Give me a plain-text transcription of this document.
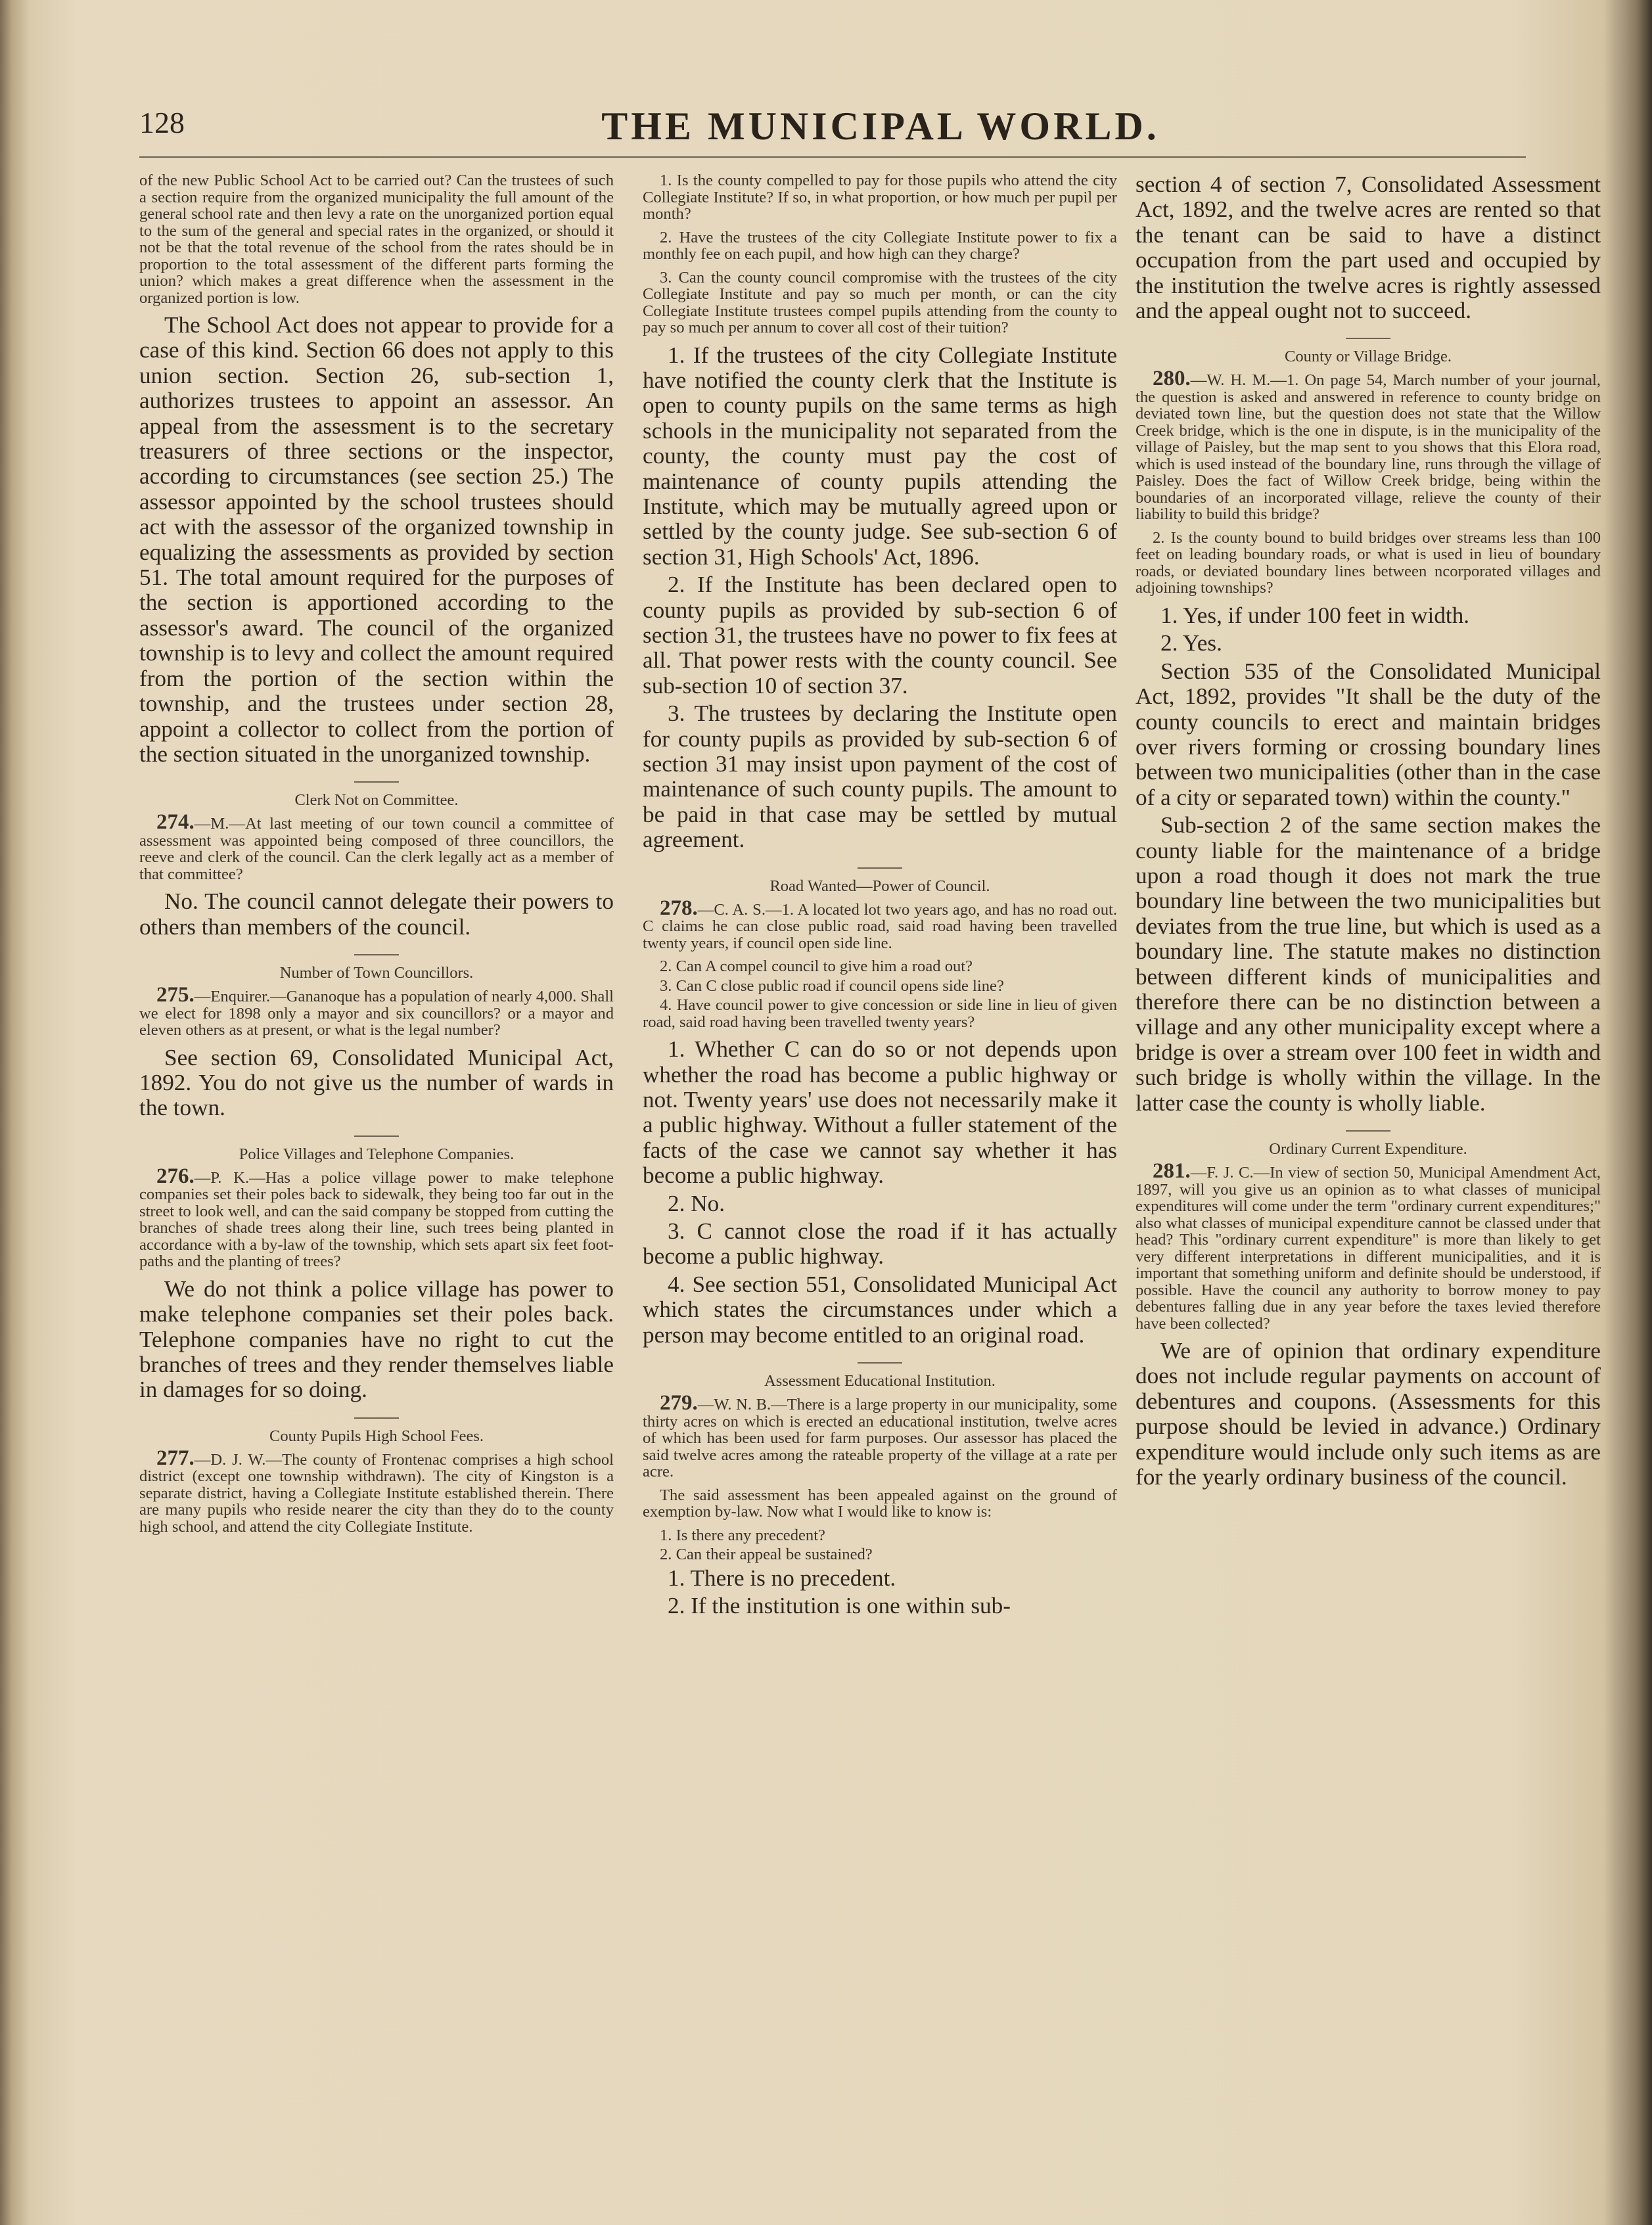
128	THE MUNICIPAL WORLD.

of the new Public School Act to be carried out? Can the trustees of such a section require from the organized municipality the full amount of the general school rate and then levy a rate on the unorganized portion equal to the sum of the general and special rates in the organized, or should it not be that the total revenue of the school from the rates should be in proportion to the total assessment of the different parts forming the union? which makes a great difference when the assessment in the organized portion is low.

The School Act does not appear to provide for a case of this kind. Section 66 does not apply to this union section. Section 26, sub-section 1, authorizes trustees to appoint an assessor. An appeal from the assessment is to the secretary treasurers of three sections or the inspector, according to circumstances (see section 25.) The assessor appointed by the school trustees should act with the assessor of the organized township in equalizing the assessments as provided by section 51. The total amount required for the purposes of the section is apportioned according to the assessor's award. The council of the organized township is to levy and collect the amount required from the portion of the section within the township, and the trustees under section 28, appoint a collector to collect from the portion of the section situated in the unorganized township.

Clerk Not on Committee.

274.—M.—At last meeting of our town council a committee of assessment was appointed being composed of three councillors, the reeve and clerk of the council. Can the clerk legally act as a member of that committee?

No. The council cannot delegate their powers to others than members of the council.

Number of Town Councillors.

275.—Enquirer.—Gananoque has a population of nearly 4,000. Shall we elect for 1898 only a mayor and six councillors? or a mayor and eleven others as at present, or what is the legal number?

See section 69, Consolidated Municipal Act, 1892. You do not give us the number of wards in the town.

Police Villages and Telephone Companies.

276.—P. K.—Has a police village power to make telephone companies set their poles back to sidewalk, they being too far out in the street to look well, and can the said company be stopped from cutting the branches of shade trees along their line, such trees being planted in accordance with a by-law of the township, which sets apart six feet foot-paths and the planting of trees?

We do not think a police village has power to make telephone companies set their poles back. Telephone companies have no right to cut the branches of trees and they render themselves liable in damages for so doing.

County Pupils High School Fees.

277.—D. J. W.—The county of Frontenac comprises a high school district (except one township withdrawn). The city of Kingston is a separate district, having a Collegiate Institute established therein. There are many pupils who reside nearer the city than they do to the county high school, and attend the city Collegiate Institute.

1. Is the county compelled to pay for those pupils who attend the city Collegiate Institute? If so, in what proportion, or how much per pupil per month?

2. Have the trustees of the city Collegiate Institute power to fix a monthly fee on each pupil, and how high can they charge?

3. Can the county council compromise with the trustees of the city Collegiate Institute and pay so much per month, or can the city Collegiate Institute trustees compel pupils attending from the county to pay so much per annum to cover all cost of their tuition?

1. If the trustees of the city Collegiate Institute have notified the county clerk that the Institute is open to county pupils on the same terms as high schools in the municipality not separated from the county, the county must pay the cost of maintenance of county pupils attending the Institute, which may be mutually agreed upon or settled by the county judge. See sub-section 6 of section 31, High Schools' Act, 1896.

2. If the Institute has been declared open to county pupils as provided by sub-section 6 of section 31, the trustees have no power to fix fees at all. That power rests with the county council. See sub-section 10 of section 37.

3. The trustees by declaring the Institute open for county pupils as provided by sub-section 6 of section 31 may insist upon payment of the cost of maintenance of such county pupils. The amount to be paid in that case may be settled by mutual agreement.

Road Wanted—Power of Council.

278.—C. A. S.—1. A located lot two years ago, and has no road out. C claims he can close public road, said road having been travelled twenty years, if council open side line.

2. Can A compel council to give him a road out?

3. Can C close public road if council opens side line?

4. Have council power to give concession or side line in lieu of given road, said road having been travelled twenty years?

1. Whether C can do so or not depends upon whether the road has become a public highway or not. Twenty years' use does not necessarily make it a public highway. Without a fuller statement of the facts of the case we cannot say whether it has become a public highway.

2. No.

3. C cannot close the road if it has actually become a public highway.

4. See section 551, Consolidated Municipal Act which states the circumstances under which a person may become entitled to an original road.

Assessment Educational Institution.

279.—W. N. B.—There is a large property in our municipality, some thirty acres on which is erected an educational institution, twelve acres of which has been used for farm purposes. Our assessor has placed the said twelve acres among the rateable property of the village at a rate per acre.

The said assessment has been appealed against on the ground of exemption by-law. Now what I would like to know is:

1. Is there any precedent?

2. Can their appeal be sustained?

1. There is no precedent.

2. If the institution is one within sub-

section 4 of section 7, Consolidated Assessment Act, 1892, and the twelve acres are rented so that the tenant can be said to have a distinct occupation from the part used and occupied by the institution the twelve acres is rightly assessed and the appeal ought not to succeed.

County or Village Bridge.

280.—W. H. M.—1. On page 54, March number of your journal, the question is asked and answered in reference to county bridge on deviated town line, but the question does not state that the Willow Creek bridge, which is the one in dispute, is in the municipality of the village of Paisley, but the map sent to you shows that this Elora road, which is used instead of the boundary line, runs through the village of Paisley. Does the fact of Willow Creek bridge, being within the boundaries of an incorporated village, relieve the county of their liability to build this bridge?

2. Is the county bound to build bridges over streams less than 100 feet on leading boundary roads, or what is used in lieu of boundary roads, or deviated boundary lines between ncorporated villages and adjoining townships?

1. Yes, if under 100 feet in width.

2. Yes.

Section 535 of the Consolidated Municipal Act, 1892, provides "It shall be the duty of the county councils to erect and maintain bridges over rivers forming or crossing boundary lines between two municipalities (other than in the case of a city or separated town) within the county."

Sub-section 2 of the same section makes the county liable for the maintenance of a bridge upon a road though it does not mark the true boundary line between the two municipalities but deviates from the true line, but which is used as a boundary line. The statute makes no distinction between different kinds of municipalities and therefore there can be no distinction between a village and any other municipality except where a bridge is over a stream over 100 feet in width and such bridge is wholly within the village. In the latter case the county is wholly liable.

Ordinary Current Expenditure.

281.—F. J. C.—In view of section 50, Municipal Amendment Act, 1897, will you give us an opinion as to what classes of municipal expenditures will come under the term "ordinary current expenditures;" also what classes of municipal expenditure cannot be classed under that head? This "ordinary current expenditure" is more than likely to get very different interpretations in different municipalities, and it is important that something uniform and definite should be understood, if possible. Have the council any authority to borrow money to pay debentures falling due in any year before the taxes levied therefore have been collected?

We are of opinion that ordinary expenditure does not include regular payments on account of debentures and coupons. (Assessments for this purpose should be levied in advance.) Ordinary expenditure would include only such items as are for the yearly ordinary business of the council.
